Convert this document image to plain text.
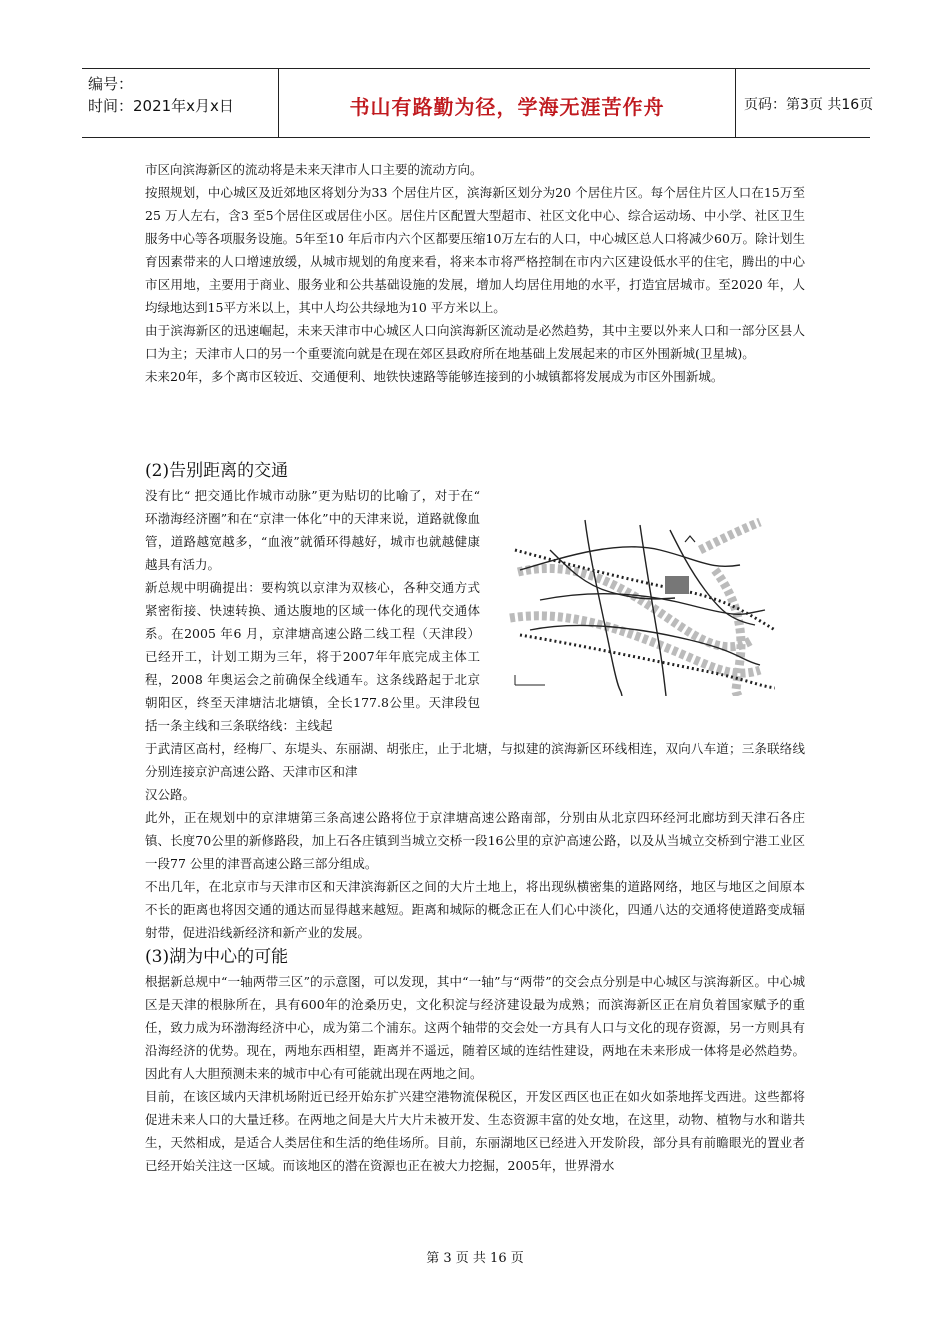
编号：
时间：2021年x月x日	书山有路勤为径，学海无涯苦作舟	页码：第3页 共16页

市区向滨海新区的流动将是未来天津市人口主要的流动方向。

按照规划，中心城区及近郊地区将划分为33 个居住片区，滨海新区划分为20 个居住片区。每个居住片区人口在15万至25 万人左右，含3 至5个居住区或居住小区。居住片区配置大型超市、社区文化中心、综合运动场、中小学、社区卫生服务中心等各项服务设施。5年至10 年后市内六个区都要压缩10万左右的人口，中心城区总人口将减少60万。除计划生育因素带来的人口增速放缓，从城市规划的角度来看，将来本市将严格控制在市内六区建设低水平的住宅，腾出的中心市区用地，主要用于商业、服务业和公共基础设施的发展，增加人均居住用地的水平，打造宜居城市。至2020 年，人均绿地达到15平方米以上，其中人均公共绿地为10 平方米以上。

由于滨海新区的迅速崛起，未来天津市中心城区人口向滨海新区流动是必然趋势，其中主要以外来人口和一部分区县人口为主；天津市人口的另一个重要流向就是在现在郊区县政府所在地基础上发展起来的市区外围新城(卫星城)。

未来20年，多个离市区较近、交通便利、地铁快速路等能够连接到的小城镇都将发展成为市区外围新城。

(2)告别距离的交通

没有比“ 把交通比作城市动脉”更为贴切的比喻了，对于在“ 环渤海经济圈”和在“京津一体化”中的天津来说，道路就像血管，道路越宽越多，“血液”就循环得越好，城市也就越健康越具有活力。

新总规中明确提出：要构筑以京津为双核心，各种交通方式紧密衔接、快速转换、通达腹地的区域一体化的现代交通体系。在2005 年6 月，京津塘高速公路二线工程（天津段）已经开工，计划工期为三年，将于2007年年底完成主体工程，2008 年奥运会之前确保全线通车。这条线路起于北京朝阳区，终至天津塘沽北塘镇，全长177.8公里。天津段包括一条主线和三条联络线：主线起

于武清区高村，经梅厂、东堤头、东丽湖、胡张庄，止于北塘，与拟建的滨海新区环线相连，双向八车道；三条联络线分别连接京沪高速公路、天津市区和津

汉公路。

此外，正在规划中的京津塘第三条高速公路将位于京津塘高速公路南部，分别由从北京四环经河北廊坊到天津石各庄镇、长度70公里的新修路段，加上石各庄镇到当城立交桥一段16公里的京沪高速公路，以及从当城立交桥到宁港工业区一段77 公里的津晋高速公路三部分组成。

不出几年，在北京市与天津市区和天津滨海新区之间的大片土地上，将出现纵横密集的道路网络，地区与地区之间原本不长的距离也将因交通的通达而显得越来越短。距离和城际的概念正在人们心中淡化，四通八达的交通将使道路变成辐射带，促进沿线新经济和新产业的发展。

(3)湖为中心的可能

根据新总规中“一轴两带三区”的示意图，可以发现，其中“一轴”与“两带”的交会点分别是中心城区与滨海新区。中心城区是天津的根脉所在，具有600年的沧桑历史，文化积淀与经济建设最为成熟；而滨海新区正在肩负着国家赋予的重任，致力成为环渤海经济中心，成为第二个浦东。这两个轴带的交会处一方具有人口与文化的现存资源，另一方则具有沿海经济的优势。现在，两地东西相望，距离并不遥远，随着区域的连结性建设，两地在未来形成一体将是必然趋势。因此有人大胆预测未来的城市中心有可能就出现在两地之间。

目前，在该区域内天津机场附近已经开始东扩兴建空港物流保税区，开发区西区也正在如火如荼地挥戈西进。这些都将促进未来人口的大量迁移。在两地之间是大片大片未被开发、生态资源丰富的处女地，在这里，动物、植物与水和谐共生，天然相成，是适合人类居住和生活的绝佳场所。目前，东丽湖地区已经进入开发阶段，部分具有前瞻眼光的置业者已经开始关注这一区域。而该地区的潜在资源也正在被大力挖掘，2005年，世界滑水

第 3 页 共 16 页
